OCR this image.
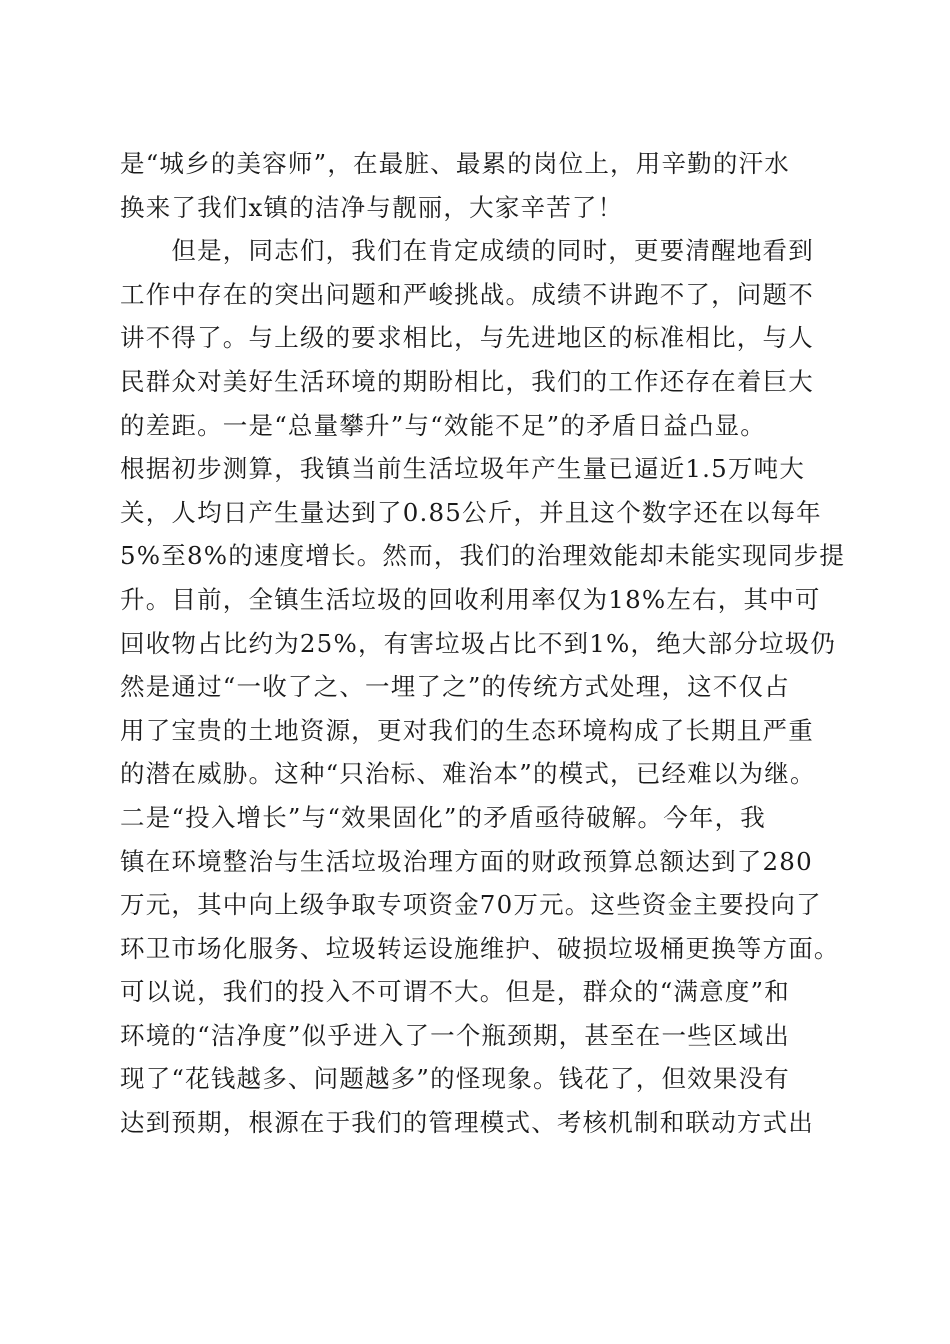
是“城乡的美容师”，在最脏、最累的岗位上，用辛勤的汗水
换来了我们x镇的洁净与靓丽，大家辛苦了！
　　但是，同志们，我们在肯定成绩的同时，更要清醒地看到
工作中存在的突出问题和严峻挑战。成绩不讲跑不了，问题不
讲不得了。与上级的要求相比，与先进地区的标准相比，与人
民群众对美好生活环境的期盼相比，我们的工作还存在着巨大
的差距。一是“总量攀升”与“效能不足”的矛盾日益凸显。
根据初步测算，我镇当前生活垃圾年产生量已逼近1.5万吨大
关，人均日产生量达到了0.85公斤，并且这个数字还在以每年
5%至8%的速度增长。然而，我们的治理效能却未能实现同步提
升。目前，全镇生活垃圾的回收利用率仅为18%左右，其中可
回收物占比约为25%，有害垃圾占比不到1%，绝大部分垃圾仍
然是通过“一收了之、一埋了之”的传统方式处理，这不仅占
用了宝贵的土地资源，更对我们的生态环境构成了长期且严重
的潜在威胁。这种“只治标、难治本”的模式，已经难以为继。
二是“投入增长”与“效果固化”的矛盾亟待破解。今年，我
镇在环境整治与生活垃圾治理方面的财政预算总额达到了280
万元，其中向上级争取专项资金70万元。这些资金主要投向了
环卫市场化服务、垃圾转运设施维护、破损垃圾桶更换等方面。
可以说，我们的投入不可谓不大。但是，群众的“满意度”和
环境的“洁净度”似乎进入了一个瓶颈期，甚至在一些区域出
现了“花钱越多、问题越多”的怪现象。钱花了，但效果没有
达到预期，根源在于我们的管理模式、考核机制和联动方式出
